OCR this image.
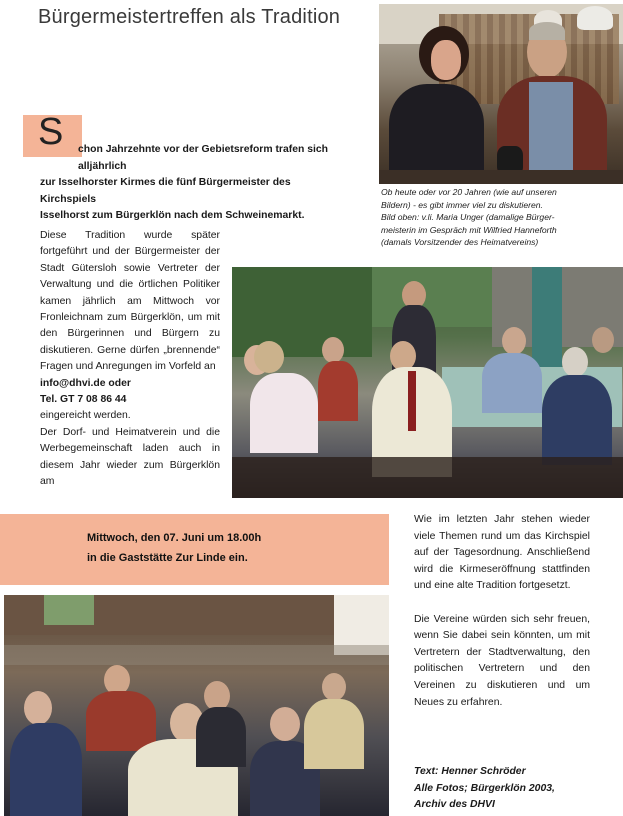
Bürgermeistertreffen als Tradition
S	chon Jahrzehnte vor der Gebietsreform trafen sich alljährlich
zur Isselhorster Kirmes die fünf Bürgermeister des Kirchspiels
Isselhorst zum Bürgerklön nach dem Schweinemarkt.
Ob heute oder vor 20 Jahren (wie auf unseren
Bildern) - es gibt immer viel zu diskutieren.
Bild oben: v.li. Maria Unger (damalige Bürger-
meisterin im Gespräch mit Wilfried Hanneforth
(damals Vorsitzender des Heimatvereins)

Diese Tradition wurde später fortgeführt und der Bürgermeister der Stadt Gütersloh sowie Vertreter der Verwaltung und die örtlichen Politiker kamen jährlich am Mittwoch vor Fronleichnam zum Bürgerklön, um mit den Bürgerinnen und Bürgern zu diskutieren. Gerne dürfen „brennende“ Fragen und Anregungen im Vorfeld an

info@dhvi.de oder

Tel. GT 7 08 86 44

eingereicht werden.

Der Dorf- und Heimatverein und die Werbegemeinschaft laden auch in diesem Jahr wieder zum Bürgerklön am

Mittwoch, den 07. Juni um 18.00h
in die Gaststätte Zur Linde ein.

Wie im letzten Jahr stehen wieder viele Themen rund um das Kirchspiel auf der Tagesordnung. Anschließend wird die Kirmeseröffnung stattfinden und eine alte Tradition fortgesetzt.

Die Vereine würden sich sehr freuen, wenn Sie dabei sein könnten, um mit Vertretern der Stadtverwaltung, den politischen Vertretern und den Vereinen zu diskutieren und um Neues zu erfahren.

Text: Henner Schröder
Alle Fotos; Bürgerklön 2003,
Archiv des DHVI
